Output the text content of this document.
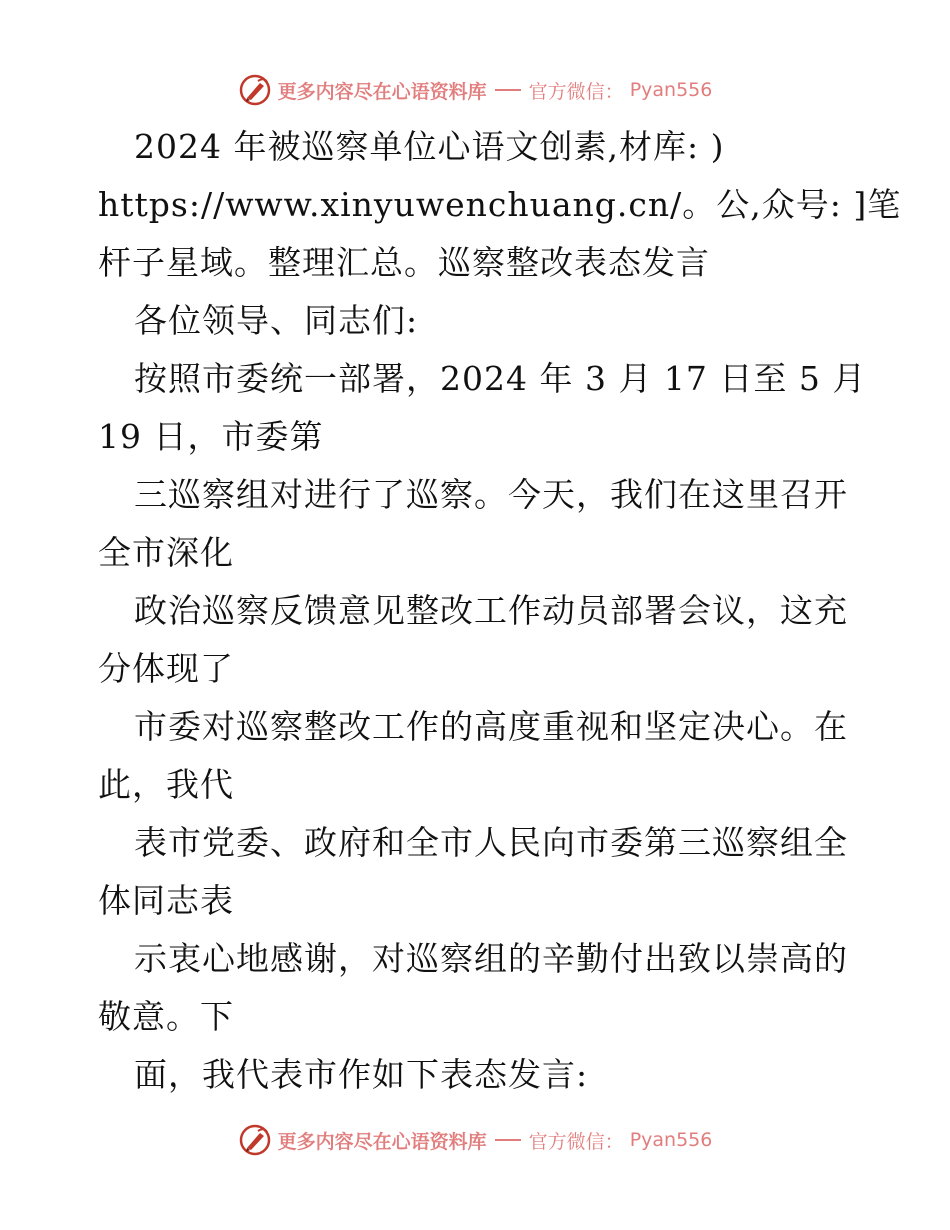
更多内容尽在心语资料库 官方微信： Pyan556
2024 年被巡察单位心语文创素,材库: )
https://www.xinyuwenchuang.cn/。公,众号: ]笔
杆子星域。整理汇总。巡察整改表态发言
各位领导、同志们:
按照市委统一部署，2024 年 3 月 17 日至 5 月
19 日，市委第
三巡察组对进行了巡察。今天，我们在这里召开
全市深化
政治巡察反馈意见整改工作动员部署会议，这充
分体现了
市委对巡察整改工作的高度重视和坚定决心。在
此，我代
表市党委、政府和全市人民向市委第三巡察组全
体同志表
示衷心地感谢，对巡察组的辛勤付出致以崇高的
敬意。下
面，我代表市作如下表态发言:
更多内容尽在心语资料库 官方微信： Pyan556
